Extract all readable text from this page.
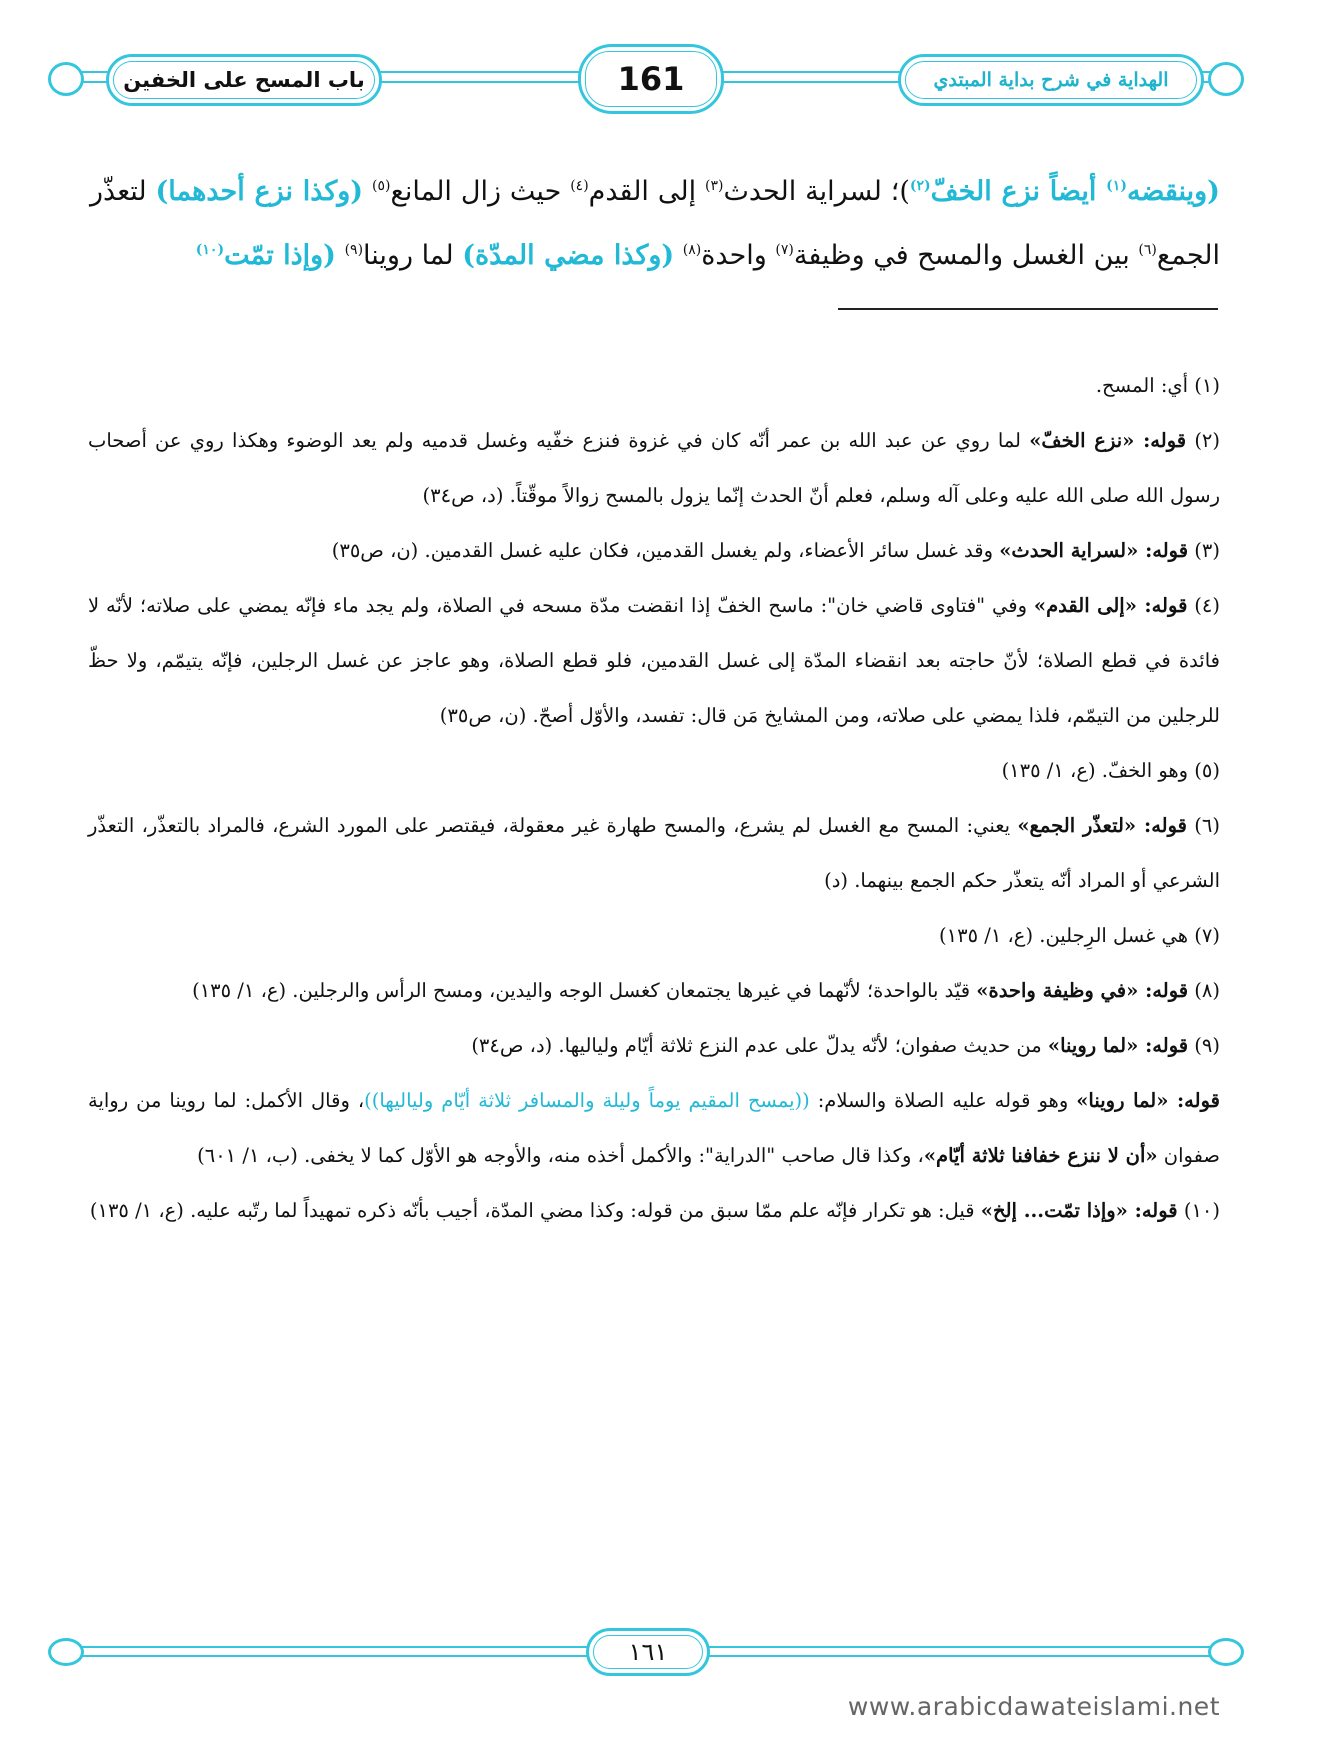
باب المسح على الخفين	161	الهداية في شرح بداية المبتدي
(وينقضه$^{(١)}$ أيضاً نزع الخفّ$^{(٢)}$)؛ لسراية الحدث$^{(٣)}$ إلى القدم$^{(٤)}$ حيث زال المانع$^{(٥)}$ (وكذا نزع أحدهما) لتعذّر الجمع$^{(٦)}$ بين الغسل والمسح في وظيفة$^{(٧)}$ واحدة$^{(٨)}$ (وكذا مضي المدّة) لما روينا$^{(٩)}$ (وإذا تمّت$^{(١٠)}$

(١) أي: المسح.

(٢) قوله: «نزع الخفّ» لما روي عن عبد الله بن عمر أنّه كان في غزوة فنزع خفّيه وغسل قدميه ولم يعد الوضوء وهكذا روي عن أصحاب رسول الله صلى الله عليه وعلى آله وسلم، فعلم أنّ الحدث إنّما يزول بالمسح زوالاً موقّتاً. (د، ص٣٤)

(٣) قوله: «لسراية الحدث» وقد غسل سائر الأعضاء، ولم يغسل القدمين، فكان عليه غسل القدمين. (ن، ص٣٥)

(٤) قوله: «إلى القدم» وفي "فتاوى قاضي خان": ماسح الخفّ إذا انقضت مدّة مسحه في الصلاة، ولم يجد ماء فإنّه يمضي على صلاته؛ لأنّه لا فائدة في قطع الصلاة؛ لأنّ حاجته بعد انقضاء المدّة إلى غسل القدمين، فلو قطع الصلاة، وهو عاجز عن غسل الرجلين، فإنّه يتيمّم، ولا حظّ للرجلين من التيمّم، فلذا يمضي على صلاته، ومن المشايخ مَن قال: تفسد، والأوّل أصحّ. (ن، ص٣٥)

(٥) وهو الخفّ. (ع، ١/ ١٣٥)

(٦) قوله: «لتعذّر الجمع» يعني: المسح مع الغسل لم يشرع، والمسح طهارة غير معقولة، فيقتصر على المورد الشرع، فالمراد بالتعذّر، التعذّر الشرعي أو المراد أنّه يتعذّر حكم الجمع بينهما. (د)

(٧) هي غسل الرِجلين. (ع، ١/ ١٣٥)

(٨) قوله: «في وظيفة واحدة» قيّد بالواحدة؛ لأنّهما في غيرها يجتمعان كغسل الوجه واليدين، ومسح الرأس والرجلين. (ع، ١/ ١٣٥)

(٩) قوله: «لما روينا» من حديث صفوان؛ لأنّه يدلّ على عدم النزع ثلاثة أيّام ولياليها. (د، ص٣٤)

قوله: «لما روينا» وهو قوله عليه الصلاة والسلام: ((يمسح المقيم يوماً وليلة والمسافر ثلاثة أيّام ولياليها))، وقال الأكمل: لما روينا من رواية صفوان «أن لا ننزع خفافنا ثلاثة أيّام»، وكذا قال صاحب "الدراية": والأكمل أخذه منه، والأوجه هو الأوّل كما لا يخفى. (ب، ١/ ٦٠١)

(١٠) قوله: «وإذا تمّت... إلخ» قيل: هو تكرار فإنّه علم ممّا سبق من قوله: وكذا مضي المدّة، أجيب بأنّه ذكره تمهيداً لما رتّبه عليه. (ع، ١/ ١٣٥)

١٦١
www.arabicdawateislami.net
